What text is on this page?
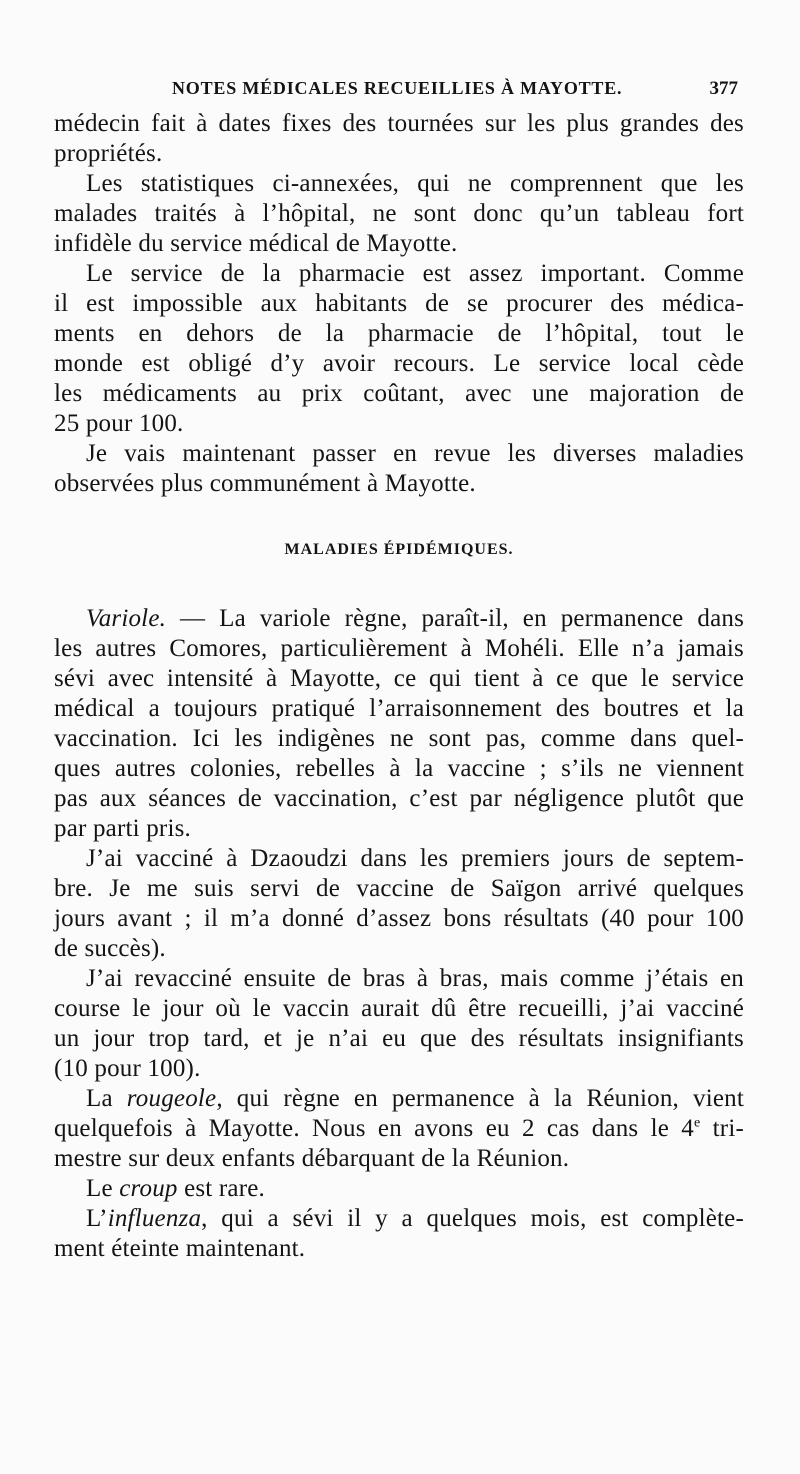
NOTES MÉDICALES RECUEILLIES À MAYOTTE.	377

médecin fait à dates fixes des tournées sur les plus grandes des
propriétés.

Les statistiques ci-annexées, qui ne comprennent que les
malades traités à l’hôpital, ne sont donc qu’un tableau fort
infidèle du service médical de Mayotte.

Le service de la pharmacie est assez important. Comme
il est impossible aux habitants de se procurer des médica-
ments en dehors de la pharmacie de l’hôpital, tout le
monde est obligé d’y avoir recours. Le service local cède
les médicaments au prix coûtant, avec une majoration de
25 pour 100.

Je vais maintenant passer en revue les diverses maladies
observées plus communément à Mayotte.

MALADIES ÉPIDÉMIQUES.

Variole. — La variole règne, paraît-il, en permanence dans
les autres Comores, particulièrement à Mohéli. Elle n’a jamais
sévi avec intensité à Mayotte, ce qui tient à ce que le service
médical a toujours pratiqué l’arraisonnement des boutres et la
vaccination. Ici les indigènes ne sont pas, comme dans quel-
ques autres colonies, rebelles à la vaccine ; s’ils ne viennent
pas aux séances de vaccination, c’est par négligence plutôt que
par parti pris.

J’ai vacciné à Dzaoudzi dans les premiers jours de septem-
bre. Je me suis servi de vaccine de Saïgon arrivé quelques
jours avant ; il m’a donné d’assez bons résultats (40 pour 100
de succès).

J’ai revacciné ensuite de bras à bras, mais comme j’étais en
course le jour où le vaccin aurait dû être recueilli, j’ai vacciné
un jour trop tard, et je n’ai eu que des résultats insignifiants
(10 pour 100).

La rougeole, qui règne en permanence à la Réunion, vient
quelquefois à Mayotte. Nous en avons eu 2 cas dans le 4e tri-
mestre sur deux enfants débarquant de la Réunion.

Le croup est rare.

L’influenza, qui a sévi il y a quelques mois, est complète-
ment éteinte maintenant.
